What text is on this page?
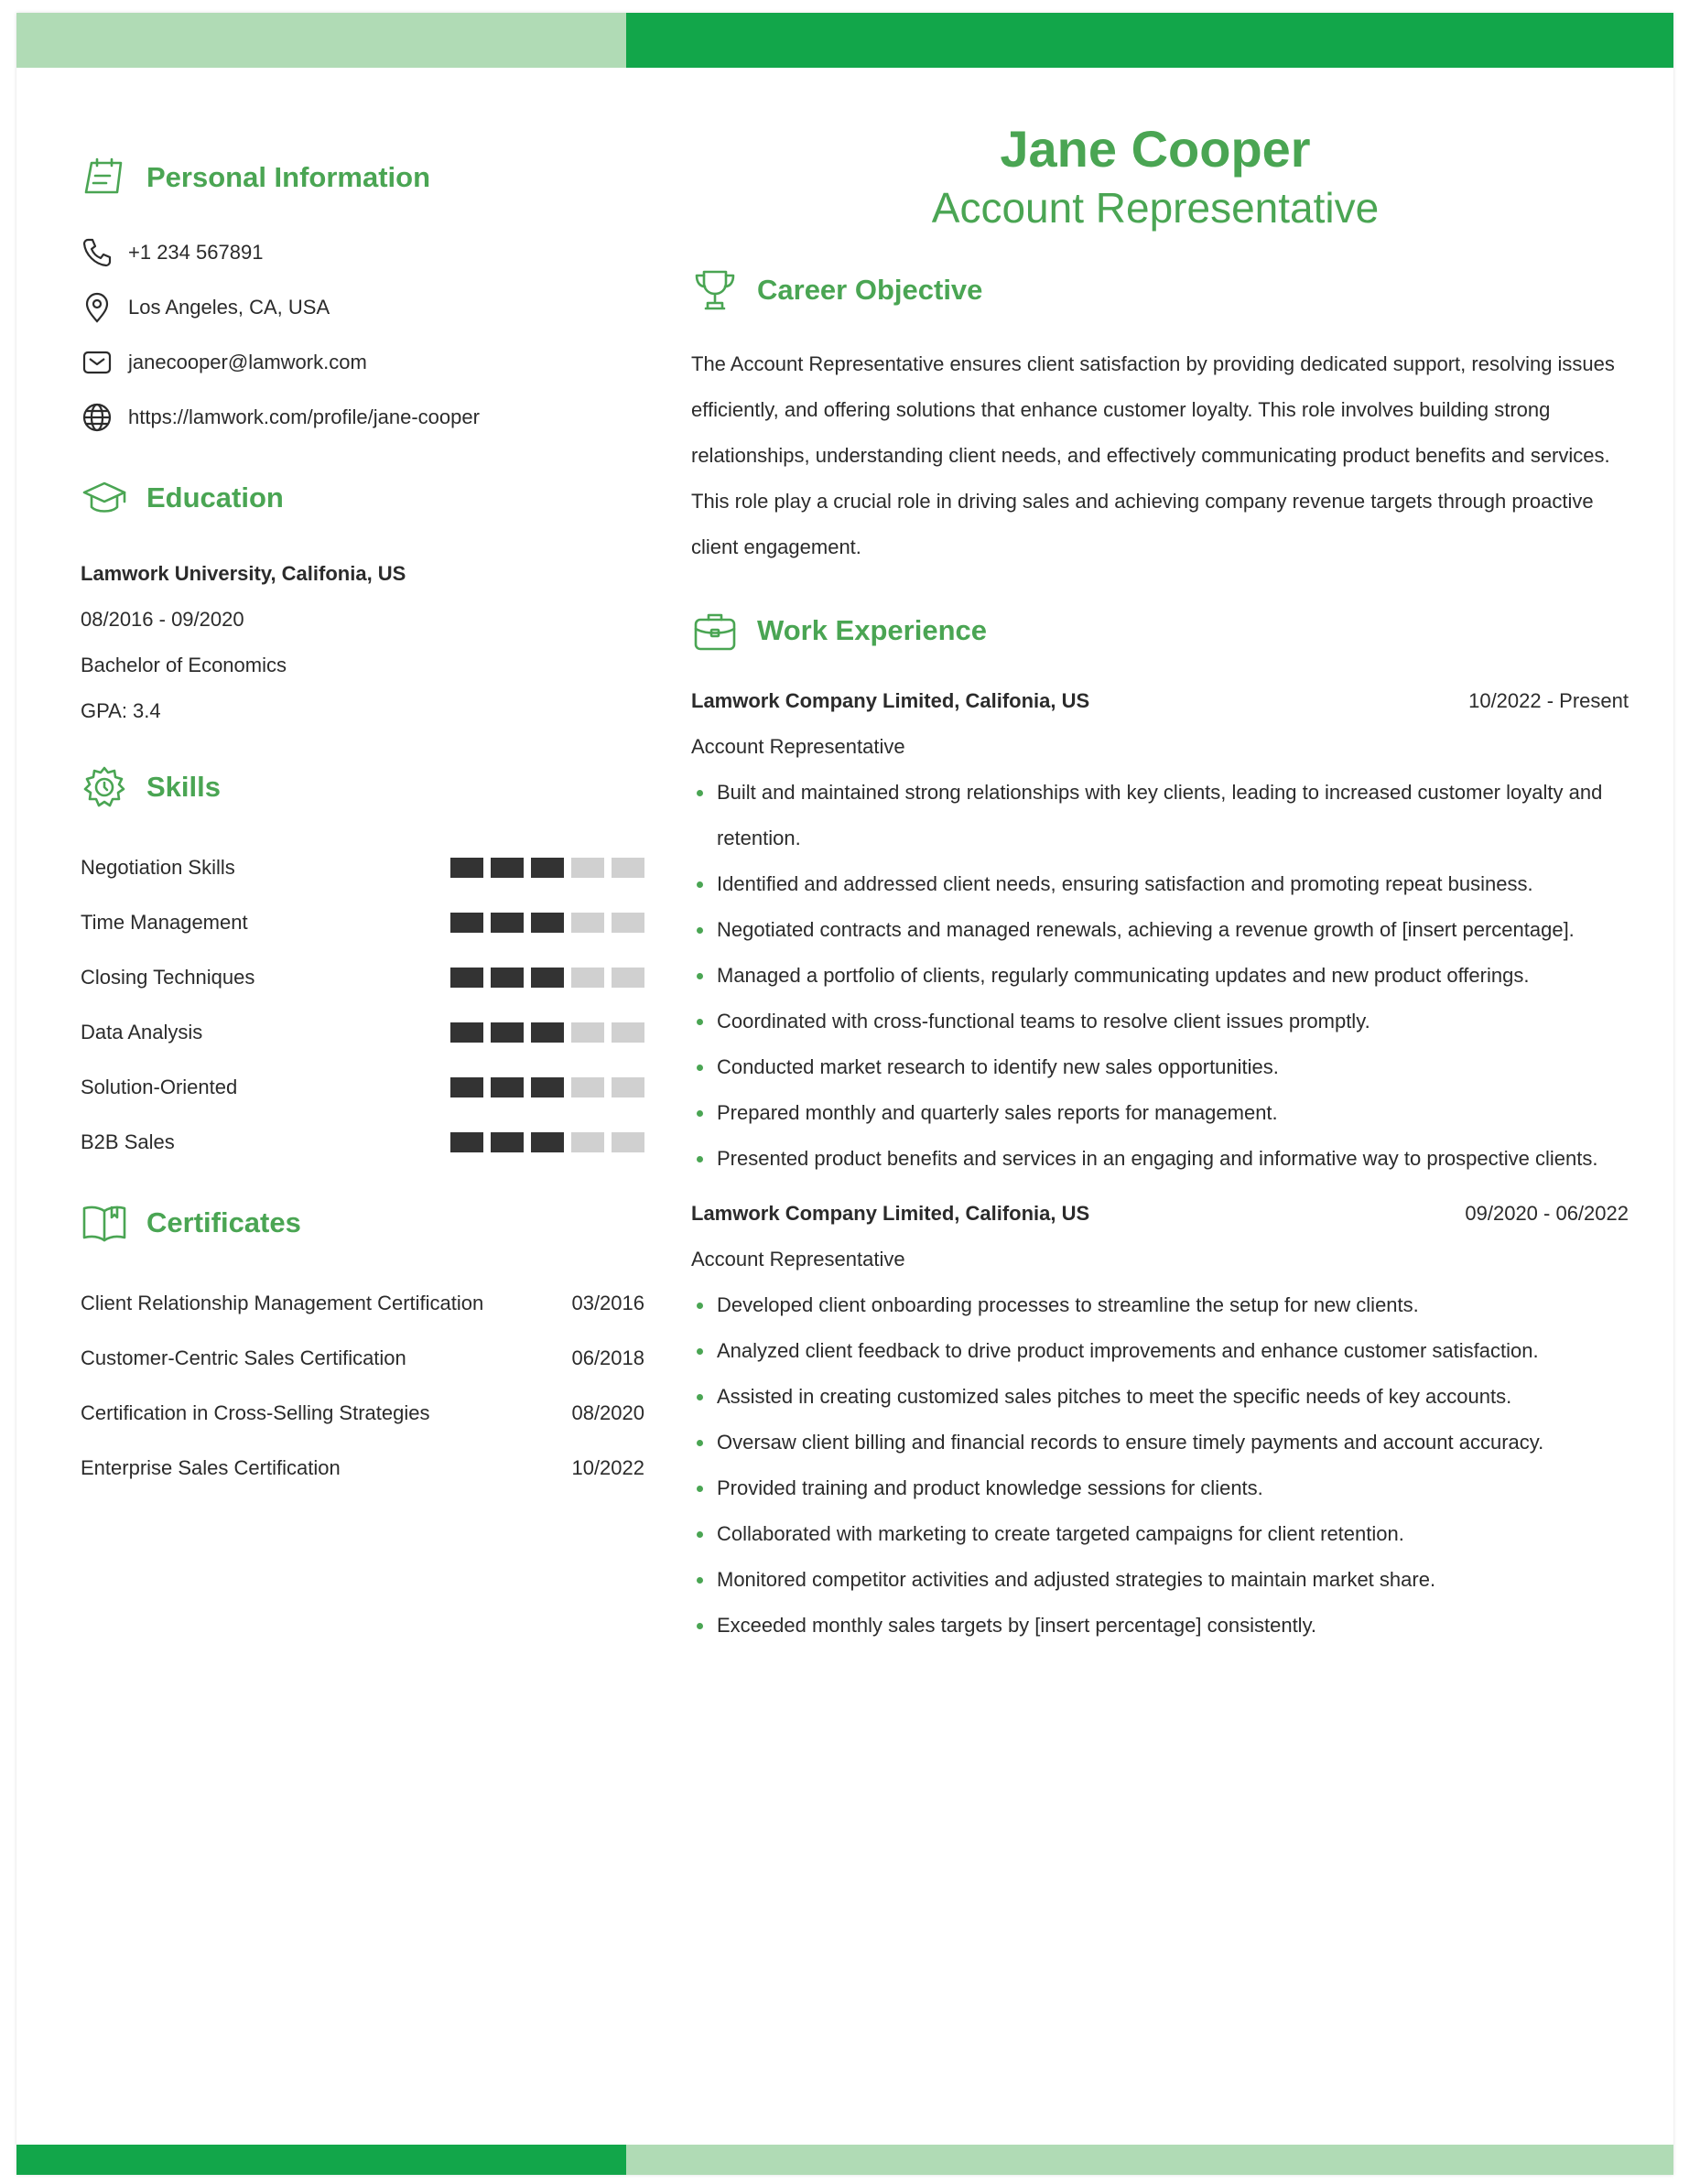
Personal Information
+1 234 567891
Los Angeles, CA, USA
janecooper@lamwork.com
https://lamwork.com/profile/jane-cooper
Education
Lamwork University, Califonia, US
08/2016 - 09/2020
Bachelor of Economics
GPA: 3.4
Skills
Negotiation Skills
Time Management
Closing Techniques
Data Analysis
Solution-Oriented
B2B Sales
Certificates
Client Relationship Management Certification	03/2016
Customer-Centric Sales Certification	06/2018
Certification in Cross-Selling Strategies	08/2020
Enterprise Sales Certification	10/2022
Jane Cooper
Account Representative
Career Objective
The Account Representative ensures client satisfaction by providing dedicated support, resolving issues efficiently, and offering solutions that enhance customer loyalty. This role involves building strong relationships, understanding client needs, and effectively communicating product benefits and services. This role play a crucial role in driving sales and achieving company revenue targets through proactive client engagement.
Work Experience
Lamwork Company Limited, Califonia, US	10/2022 - Present
Account Representative
Built and maintained strong relationships with key clients, leading to increased customer loyalty and retention.
Identified and addressed client needs, ensuring satisfaction and promoting repeat business.
Negotiated contracts and managed renewals, achieving a revenue growth of [insert percentage].
Managed a portfolio of clients, regularly communicating updates and new product offerings.
Coordinated with cross-functional teams to resolve client issues promptly.
Conducted market research to identify new sales opportunities.
Prepared monthly and quarterly sales reports for management.
Presented product benefits and services in an engaging and informative way to prospective clients.
Lamwork Company Limited, Califonia, US	09/2020 - 06/2022
Account Representative
Developed client onboarding processes to streamline the setup for new clients.
Analyzed client feedback to drive product improvements and enhance customer satisfaction.
Assisted in creating customized sales pitches to meet the specific needs of key accounts.
Oversaw client billing and financial records to ensure timely payments and account accuracy.
Provided training and product knowledge sessions for clients.
Collaborated with marketing to create targeted campaigns for client retention.
Monitored competitor activities and adjusted strategies to maintain market share.
Exceeded monthly sales targets by [insert percentage] consistently.
